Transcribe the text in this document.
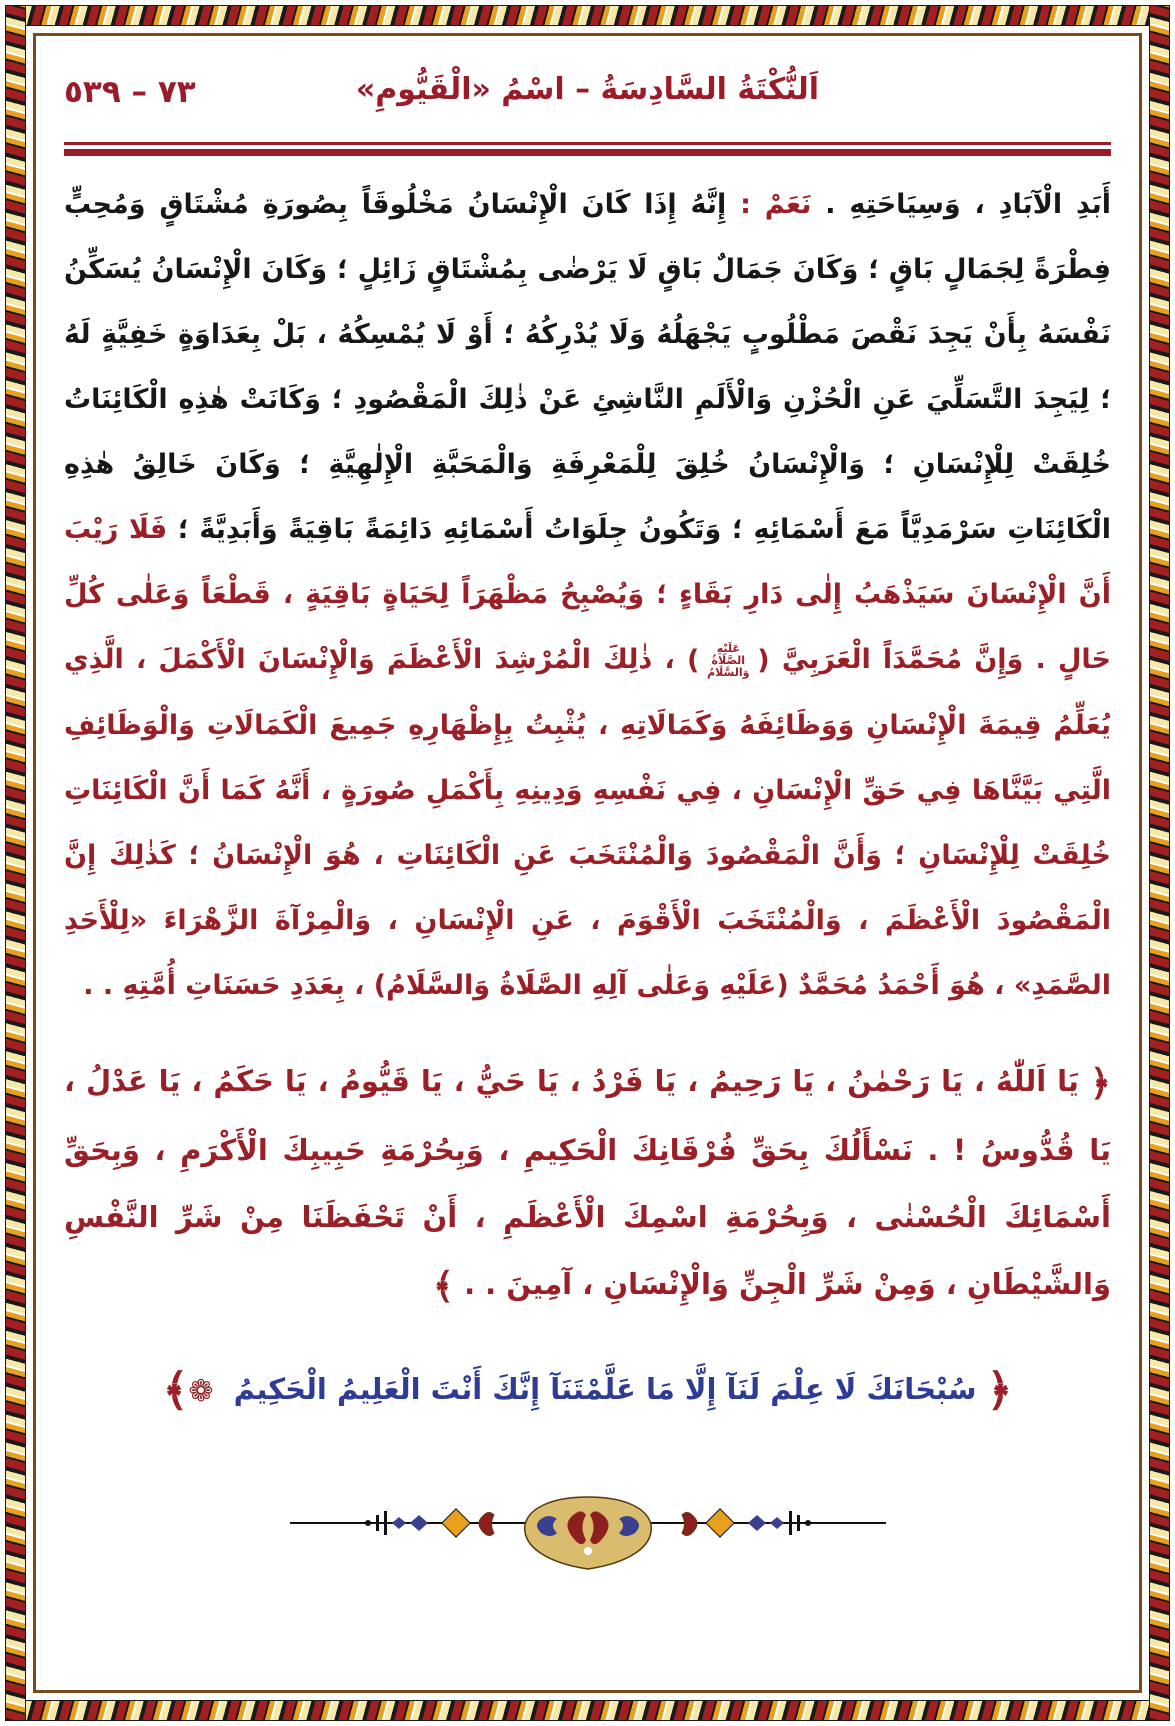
٧٣ – ٥٣٩	اَلنُّكْتَةُ السَّادِسَةُ – اسْمُ «الْقَيُّومِ»

أَبَدِ الْآبَادِ ، وَسِيَاحَتِهِ . نَعَمْ : إِنَّهُ إِذَا كَانَ الْإِنْسَانُ مَخْلُوقَاً بِصُورَةِ مُشْتَاقٍ وَمُحِبٍّ فِطْرَةً لِجَمَالٍ بَاقٍ ؛ وَكَانَ جَمَالٌ بَاقٍ لَا يَرْضٰى بِمُشْتَاقٍ زَائِلٍ ؛ وَكَانَ الْإِنْسَانُ يُسَكِّنُ نَفْسَهُ بِأَنْ يَجِدَ نَقْصَ مَطْلُوبٍ يَجْهَلُهُ وَلَا يُدْرِكُهُ ؛ أَوْ لَا يُمْسِكُهُ ، بَلْ بِعَدَاوَةٍ خَفِيَّةٍ لَهُ ؛ لِيَجِدَ التَّسَلِّيَ عَنِ الْحُزْنِ وَالْأَلَمِ النَّاشِئِ عَنْ ذٰلِكَ الْمَقْصُودِ ؛ وَكَانَتْ هٰذِهِ الْكَائِنَاتُ خُلِقَتْ لِلْإِنْسَانِ ؛ وَالْإِنْسَانُ خُلِقَ لِلْمَعْرِفَةِ وَالْمَحَبَّةِ الْإِلٰهِيَّةِ ؛ وَكَانَ خَالِقُ هٰذِهِ الْكَائِنَاتِ سَرْمَدِيَّاً مَعَ أَسْمَائِهِ ؛ وَتَكُونُ جِلَوَاتُ أَسْمَائِهِ دَائِمَةً بَاقِيَةً وَأَبَدِيَّةً ؛ فَلَا رَيْبَ أَنَّ الْإِنْسَانَ سَيَذْهَبُ إِلٰى دَارِ بَقَاءٍ ؛ وَيُصْبِحُ مَظْهَرَاً لِحَيَاةٍ بَاقِيَةٍ ، قَطْعَاً وَعَلٰى كُلِّ حَالٍ . وَإِنَّ مُحَمَّدَاً الْعَرَبِيَّ (عَلَيْهِ الصَّلَاةُ وَالسَّلَامُ) ، ذٰلِكَ الْمُرْشِدَ الْأَعْظَمَ وَالْإِنْسَانَ الْأَكْمَلَ ، الَّذِي يُعَلِّمُ قِيمَةَ الْإِنْسَانِ وَوَظَائِفَهُ وَكَمَالَاتِهِ ، يُثْبِتُ بِإِظْهَارِهِ جَمِيعَ الْكَمَالَاتِ وَالْوَظَائِفِ الَّتِي بَيَّنَّاهَا فِي حَقِّ الْإِنْسَانِ ، فِي نَفْسِهِ وَدِينِهِ بِأَكْمَلِ صُورَةٍ ، أَنَّهُ كَمَا أَنَّ الْكَائِنَاتِ خُلِقَتْ لِلْإِنْسَانِ ؛ وَأَنَّ الْمَقْصُودَ وَالْمُنْتَخَبَ عَنِ الْكَائِنَاتِ ، هُوَ الْإِنْسَانُ ؛ كَذٰلِكَ إِنَّ الْمَقْصُودَ الْأَعْظَمَ ، وَالْمُنْتَخَبَ الْأَقْوَمَ ، عَنِ الْإِنْسَانِ ، وَالْمِرْآةَ الزَّهْرَاءَ «لِلْأَحَدِ الصَّمَدِ» ، هُوَ أَحْمَدُ مُحَمَّدٌ (عَلَيْهِ وَعَلٰى آلِهِ الصَّلَاةُ وَالسَّلَامُ) ، بِعَدَدِ حَسَنَاتِ أُمَّتِهِ . .

﴿ يَا اَللّٰهُ ، يَا رَحْمٰنُ ، يَا رَحِيمُ ، يَا فَرْدُ ، يَا حَيُّ ، يَا قَيُّومُ ، يَا حَكَمُ ، يَا عَدْلُ ، يَا قُدُّوسُ ! . نَسْأَلُكَ بِحَقِّ فُرْقَانِكَ الْحَكِيمِ ، وَبِحُرْمَةِ حَبِيبِكَ الْأَكْرَمِ ، وَبِحَقِّ أَسْمَائِكَ الْحُسْنٰى ، وَبِحُرْمَةِ اسْمِكَ الْأَعْظَمِ ، أَنْ تَحْفَظَنَا مِنْ شَرِّ النَّفْسِ وَالشَّيْطَانِ ، وَمِنْ شَرِّ الْجِنِّ وَالْإِنْسَانِ ، آمِينَ . . ﴾

﴿ سُبْحَانَكَ لَا عِلْمَ لَنَآ إِلَّا مَا عَلَّمْتَنَآ إِنَّكَ أَنْتَ الْعَلِيمُ الْحَكِيمُ ❁﴾
